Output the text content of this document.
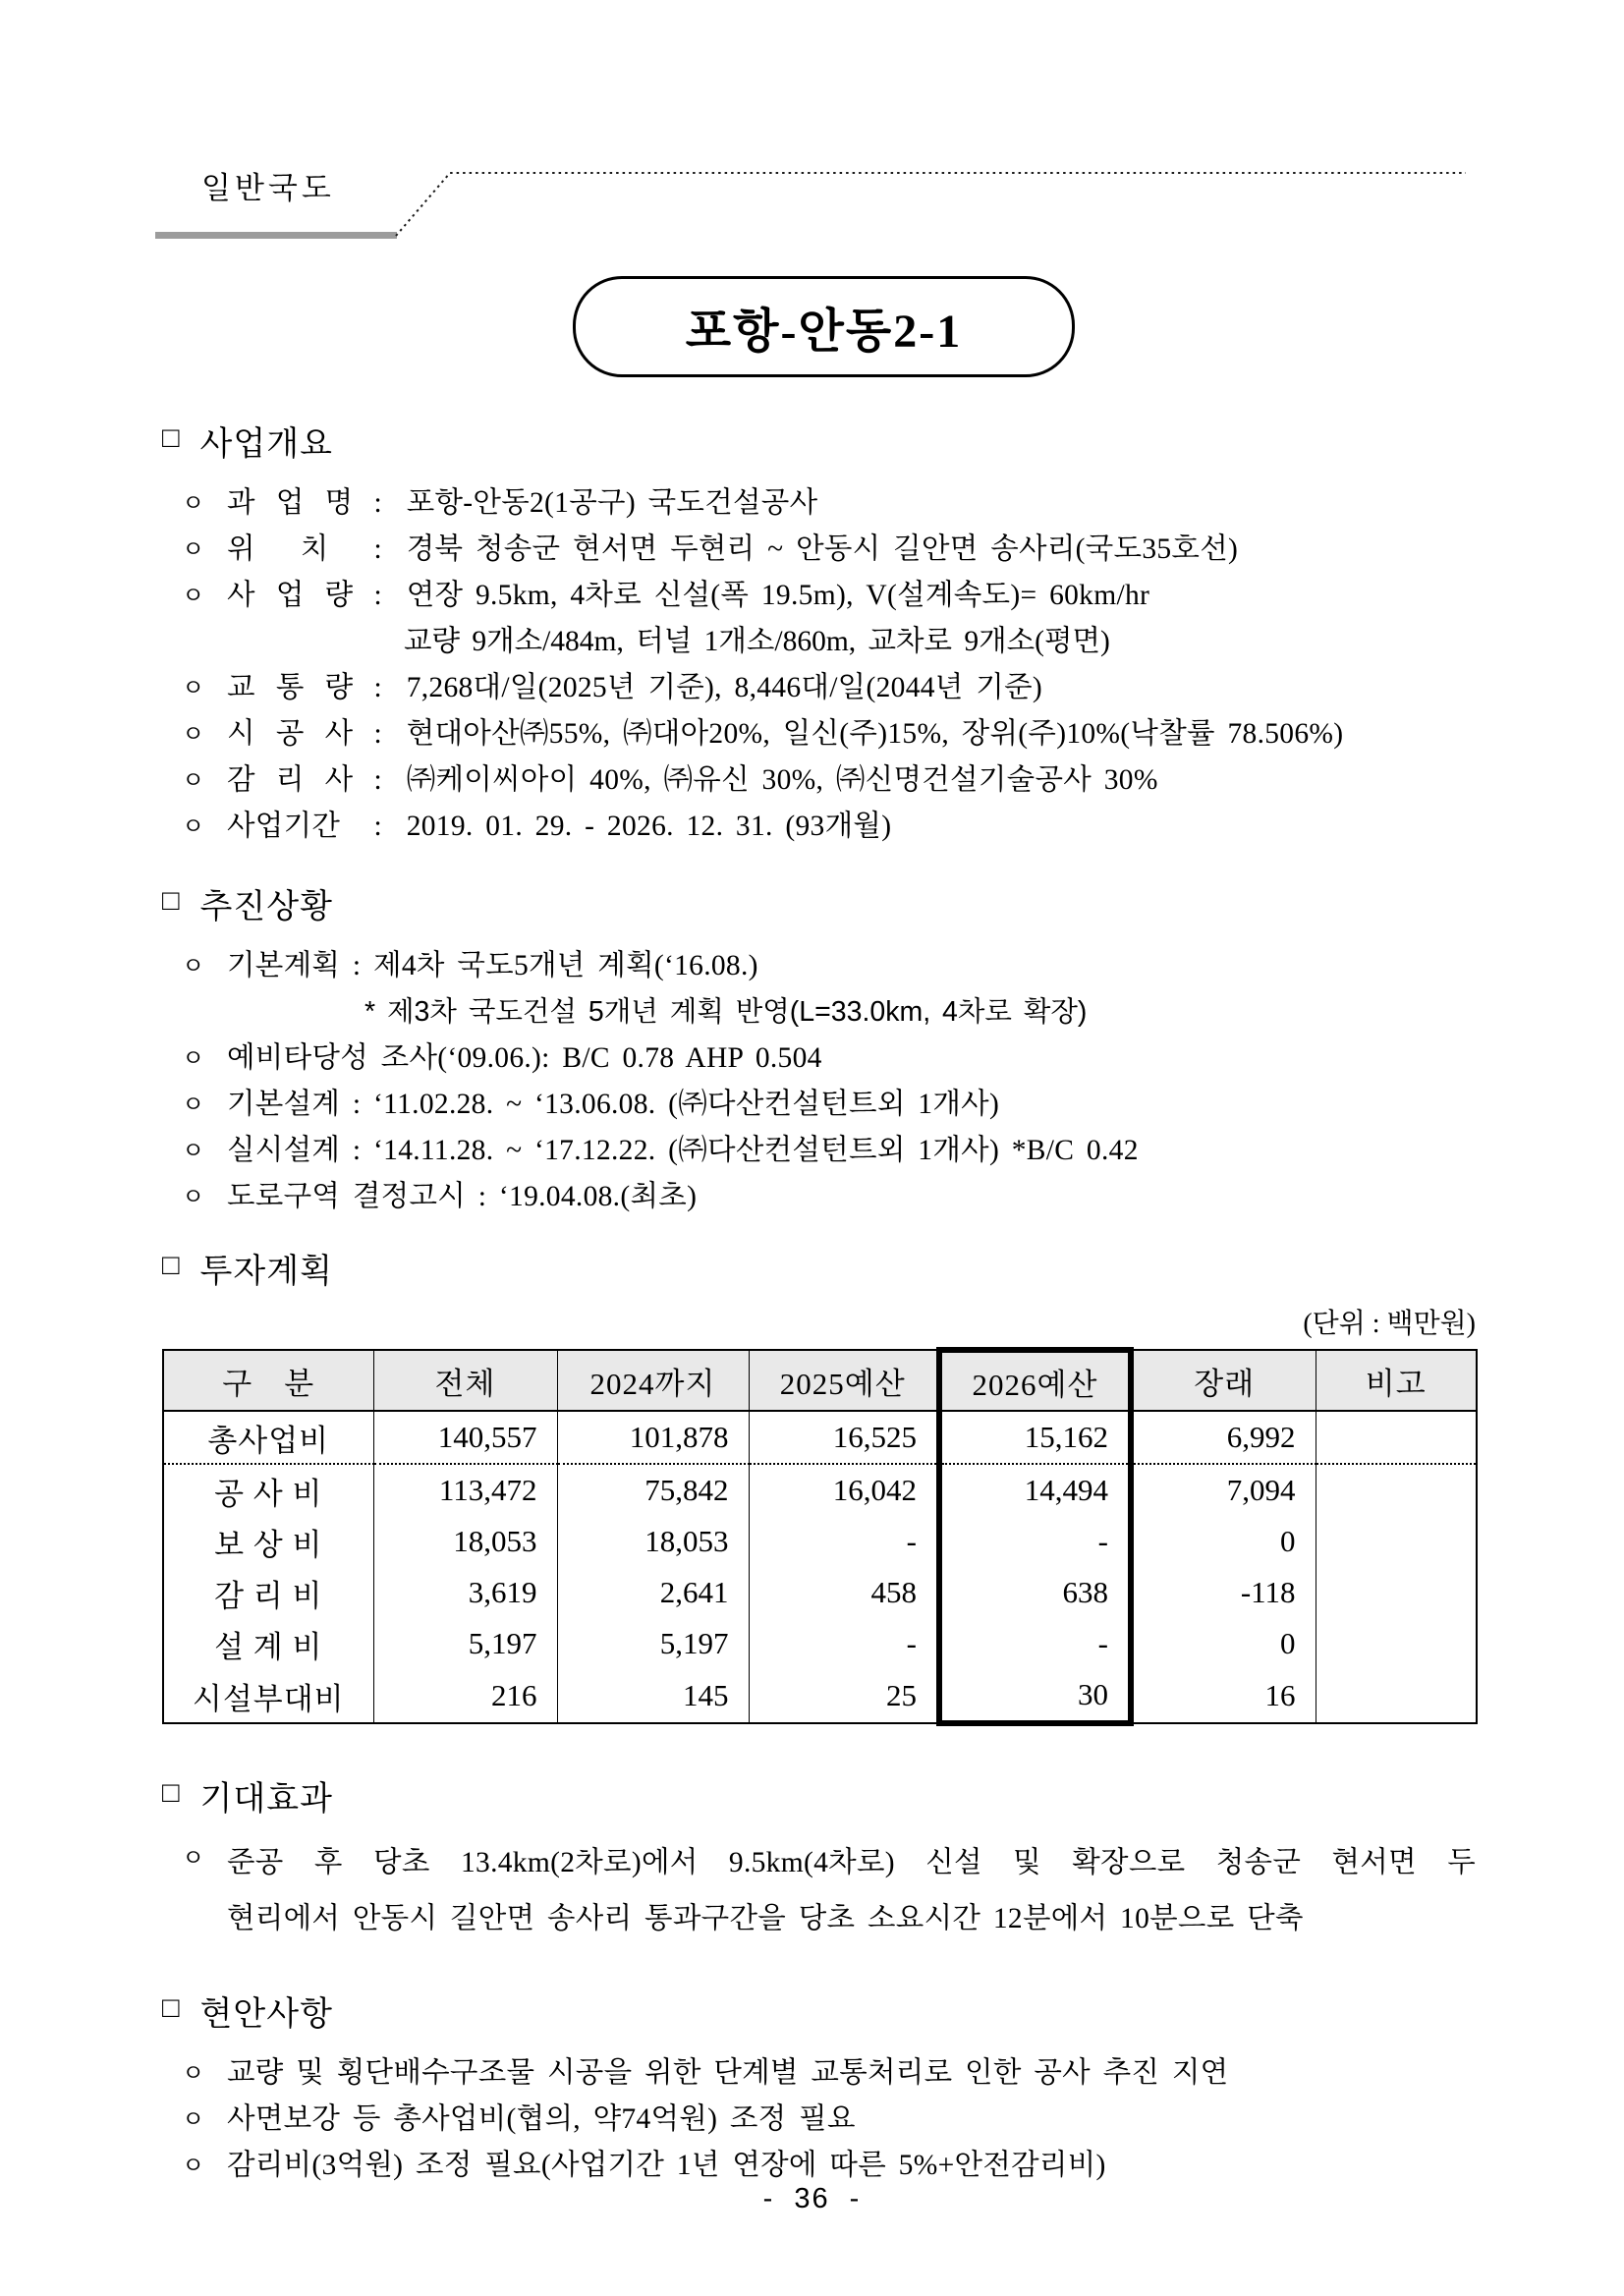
일반국도
포항-안동2-1
□ 사업개요
ㅇ 과 업 명 : 포항-안동2(1공구) 국도건설공사
ㅇ 위 치 : 경북 청송군 현서면 두현리 ~ 안동시 길안면 송사리(국도35호선)
ㅇ 사 업 량 : 연장 9.5km, 4차로 신설(폭 19.5m), V(설계속도)= 60km/hr
교량 9개소/484m, 터널 1개소/860m, 교차로 9개소(평면)
ㅇ 교 통 량 : 7,268대/일(2025년 기준), 8,446대/일(2044년 기준)
ㅇ 시 공 사 : 현대아산㈜55%, ㈜대아20%, 일신(주)15%, 장위(주)10%(낙찰률 78.506%)
ㅇ 감 리 사 : ㈜케이씨아이 40%, ㈜유신 30%, ㈜신명건설기술공사 30%
ㅇ 사업기간 : 2019. 01. 29. - 2026. 12. 31. (93개월)
□ 추진상황
ㅇ 기본계획 : 제4차 국도5개년 계획(‘16.08.)
* 제3차 국도건설 5개년 계획 반영(L=33.0km, 4차로 확장)
ㅇ 예비타당성 조사(‘09.06.): B/C 0.78 AHP 0.504
ㅇ 기본설계 : ‘11.02.28. ~ ‘13.06.08. (㈜다산컨설턴트외 1개사)
ㅇ 실시설계 : ‘14.11.28. ~ ‘17.12.22. (㈜다산컨설턴트외 1개사) *B/C 0.42
ㅇ 도로구역 결정고시 : ‘19.04.08.(최초)
□ 투자계획
(단위 : 백만원)
구　분	전체	2024까지	2025예산	2026예산	장래	비고
총사업비	140,557	101,878	16,525	15,162	6,992	
공 사 비	113,472	75,842	16,042	14,494	7,094	
보 상 비	18,053	18,053	-	-	0	
감 리 비	3,619	2,641	458	638	-118	
설 계 비	5,197	5,197	-	-	0	
시설부대비	216	145	25	30	16	
□ 기대효과
ㅇ 준공 후 당초 13.4km(2차로)에서 9.5km(4차로) 신설 및 확장으로 청송군 현서면 두
현리에서 안동시 길안면 송사리 통과구간을 당초 소요시간 12분에서 10분으로 단축
□ 현안사항
ㅇ 교량 및 횡단배수구조물 시공을 위한 단계별 교통처리로 인한 공사 추진 지연
ㅇ 사면보강 등 총사업비(협의, 약74억원) 조정 필요
ㅇ 감리비(3억원) 조정 필요(사업기간 1년 연장에 따른 5%+안전감리비)
- 36 -
